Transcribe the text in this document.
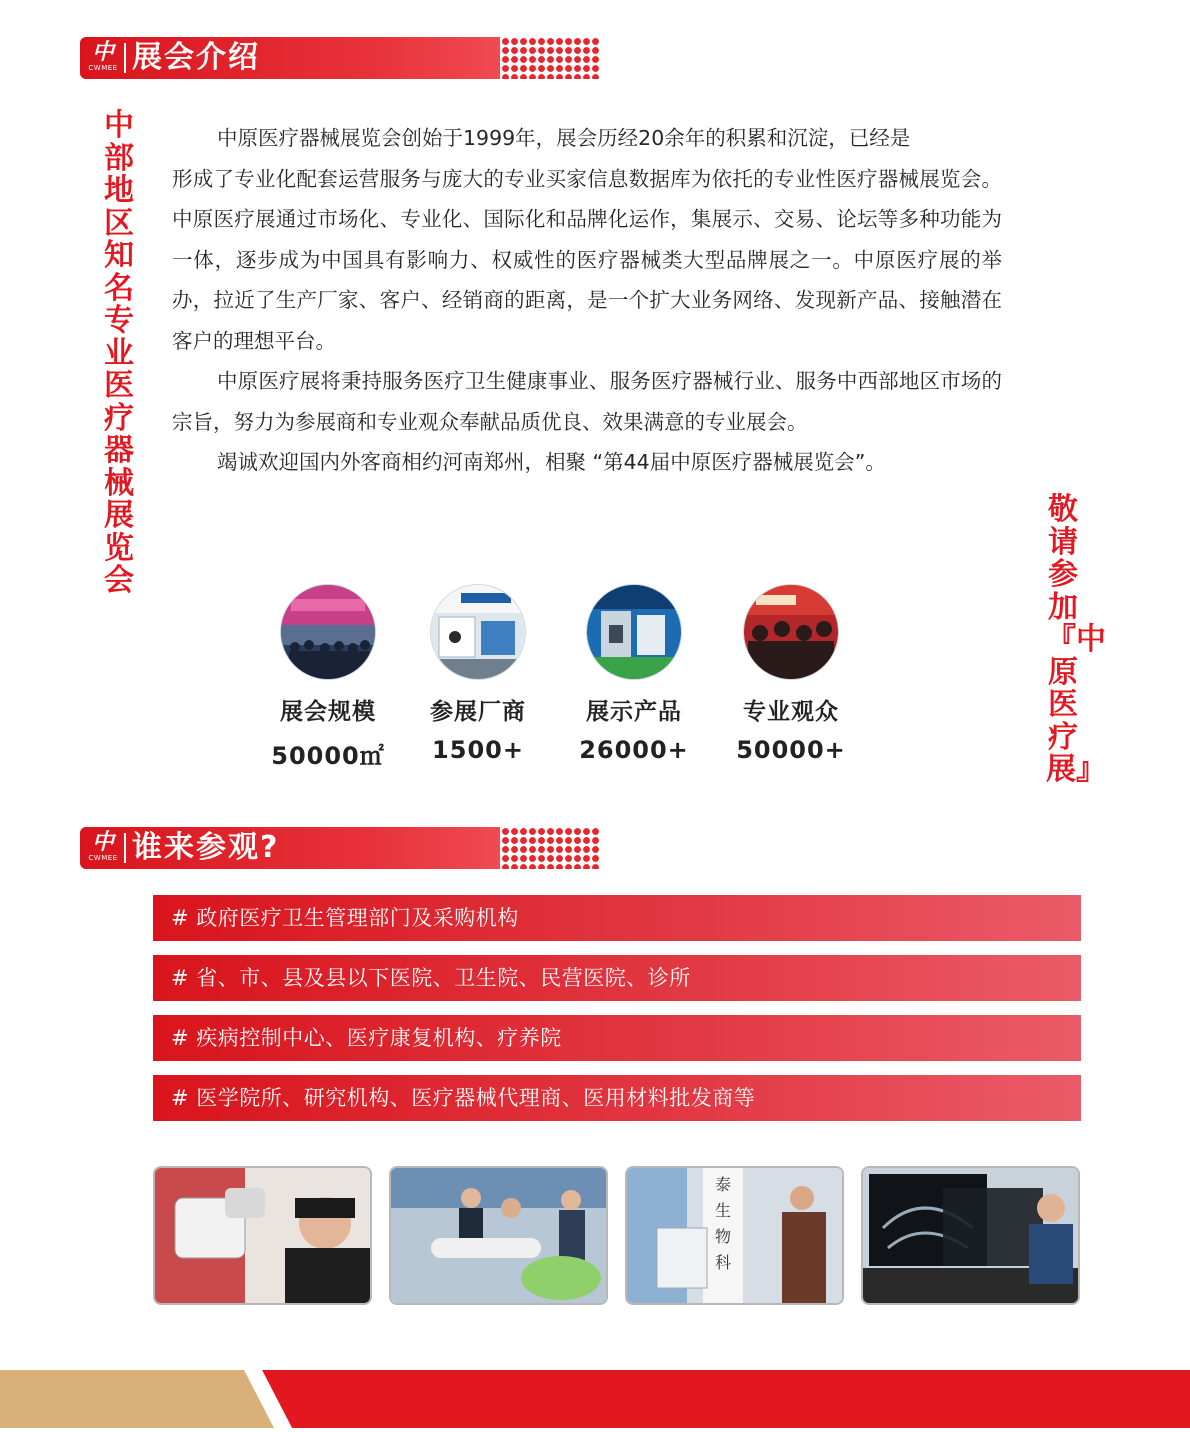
中
CWMEE 展会介绍
中部地区知名专业医疗器械展览会
敬请参加『中原医疗展』

中原医疗器械展览会创始于1999年，展会历经20余年的积累和沉淀，已经是

形成了专业化配套运营服务与庞大的专业买家信息数据库为依托的专业性医疗器械展览会。中原医疗展通过市场化、专业化、国际化和品牌化运作，集展示、交易、论坛等多种功能为一体，逐步成为中国具有影响力、权威性的医疗器械类大型品牌展之一。中原医疗展的举办，拉近了生产厂家、客户、经销商的距离，是一个扩大业务网络、发现新产品、接触潜在客户的理想平台。

中原医疗展将秉持服务医疗卫生健康事业、服务医疗器械行业、服务中西部地区市场的宗旨，努力为参展商和专业观众奉献品质优良、效果满意的专业展会。

竭诚欢迎国内外客商相约河南郑州，相聚 “第44届中原医疗器械展览会”。

展会规模
50000㎡
参展厂商
1500+
展示产品
26000+
专业观众
50000+
中
CWMEE 谁来参观?
# 政府医疗卫生管理部门及采购机构
# 省、市、县及县以下医院、卫生院、民营医院、诊所
# 疾病控制中心、医疗康复机构、疗养院
# 医学院所、研究机构、医疗器械代理商、医用材料批发商等
泰
生
物
科
